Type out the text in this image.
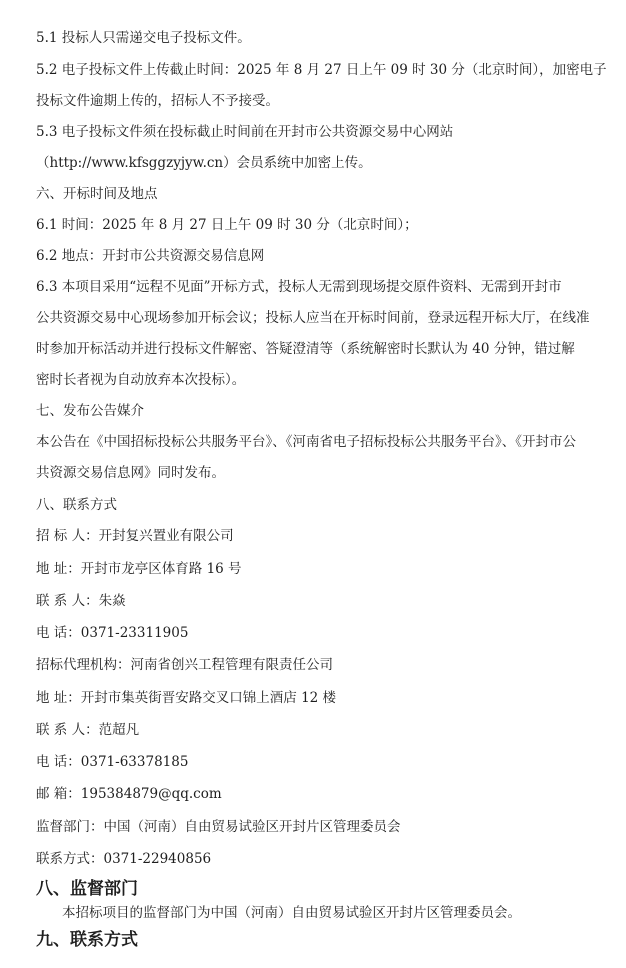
5.1 投标人只需递交电子投标文件。
5.2 电子投标文件上传截止时间：2025 年 8 月 27 日上午 09 时 30 分（北京时间），加密电子
投标文件逾期上传的，招标人不予接受。
5.3 电子投标文件须在投标截止时间前在开封市公共资源交易中心网站
（http://www.kfsggzyjyw.cn）会员系统中加密上传。
六、开标时间及地点
6.1 时间：2025 年 8 月 27 日上午 09 时 30 分（北京时间）；
6.2 地点：开封市公共资源交易信息网
6.3 本项目采用“远程不见面”开标方式，投标人无需到现场提交原件资料、无需到开封市
公共资源交易中心现场参加开标会议；投标人应当在开标时间前，登录远程开标大厅，在线准
时参加开标活动并进行投标文件解密、答疑澄清等（系统解密时长默认为 40 分钟，错过解
密时长者视为自动放弃本次投标）。
七、发布公告媒介
本公告在《中国招标投标公共服务平台》、《河南省电子招标投标公共服务平台》、《开封市公
共资源交易信息网》同时发布。
八、联系方式
招 标 人：开封复兴置业有限公司
地 址：开封市龙亭区体育路 16 号
联 系 人：朱焱
电 话：0371-23311905
招标代理机构：河南省创兴工程管理有限责任公司
地 址：开封市集英街晋安路交叉口锦上酒店 12 楼
联 系 人：范超凡
电 话：0371-63378185
邮 箱：195384879@qq.com
监督部门：中国（河南）自由贸易试验区开封片区管理委员会
联系方式：0371-22940856
八、监督部门
本招标项目的监督部门为中国（河南）自由贸易试验区开封片区管理委员会。
九、联系方式
